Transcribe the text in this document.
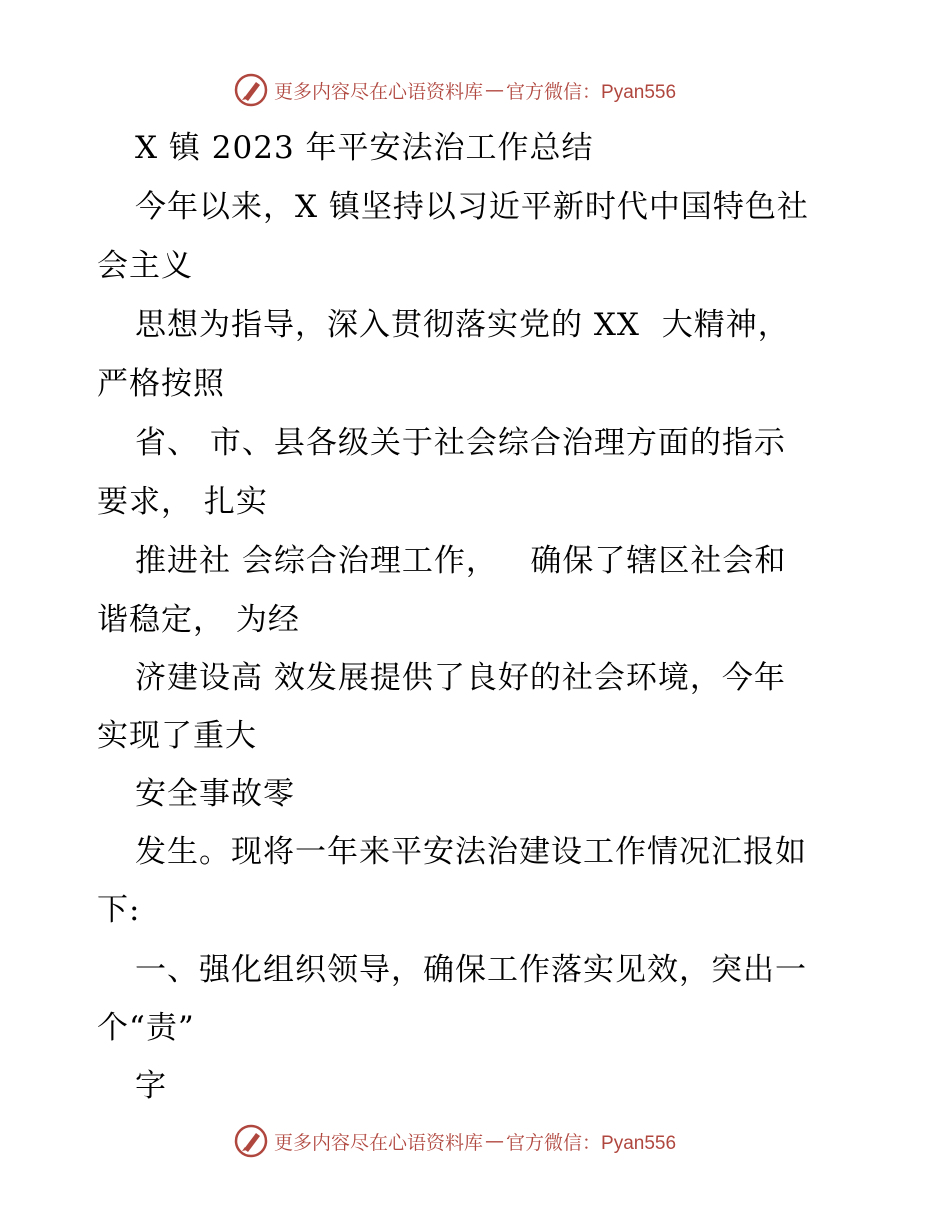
更多内容尽在心语资料库 — 官方微信：Pyan556
X 镇 2023 年平安法治工作总结
今年以来，X 镇坚持以习近平新时代中国特色社
会主义
思想为指导，深入贯彻落实党的 XX  大精神，
严格按照
省、 市、县各级关于社会综合治理方面的指示
要求， 扎实
推进社 会综合治理工作，   确保了辖区社会和
谐稳定， 为经
济建设高 效发展提供了良好的社会环境，今年
实现了重大
安全事故零
发生。现将一年来平安法治建设工作情况汇报如
下:
一、强化组织领导，确保工作落实见效，突出一
个“责”
字
更多内容尽在心语资料库 — 官方微信：Pyan556
